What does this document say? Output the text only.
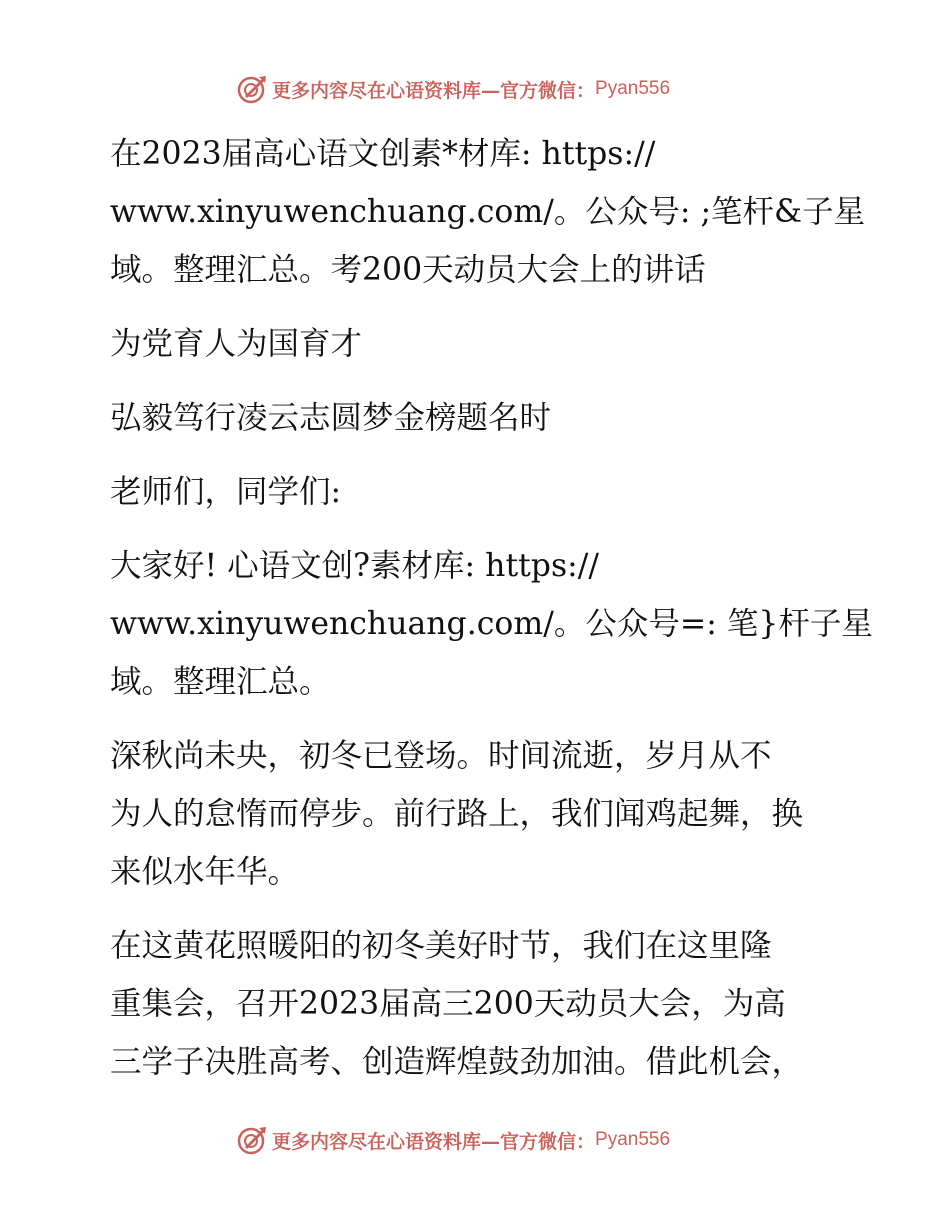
更多内容尽在心语资料库—官方微信： Pyan556

在2023届高心语文创素*材库: https://
www.xinyuwenchuang.com/。公众号: ;笔杆&子星
域。整理汇总。考200天动员大会上的讲话

为党育人为国育才

弘毅笃行凌云志圆梦金榜题名时

老师们，同学们:

大家好! 心语文创?素材库: https://
www.xinyuwenchuang.com/。公众号=: 笔}杆子星
域。整理汇总。

深秋尚未央，初冬已登场。时间流逝，岁月从不
为人的怠惰而停步。前行路上，我们闻鸡起舞，换
来似水年华。

在这黄花照暖阳的初冬美好时节，我们在这里隆
重集会，召开2023届高三200天动员大会，为高
三学子决胜高考、创造辉煌鼓劲加油。借此机会，

更多内容尽在心语资料库—官方微信： Pyan556
